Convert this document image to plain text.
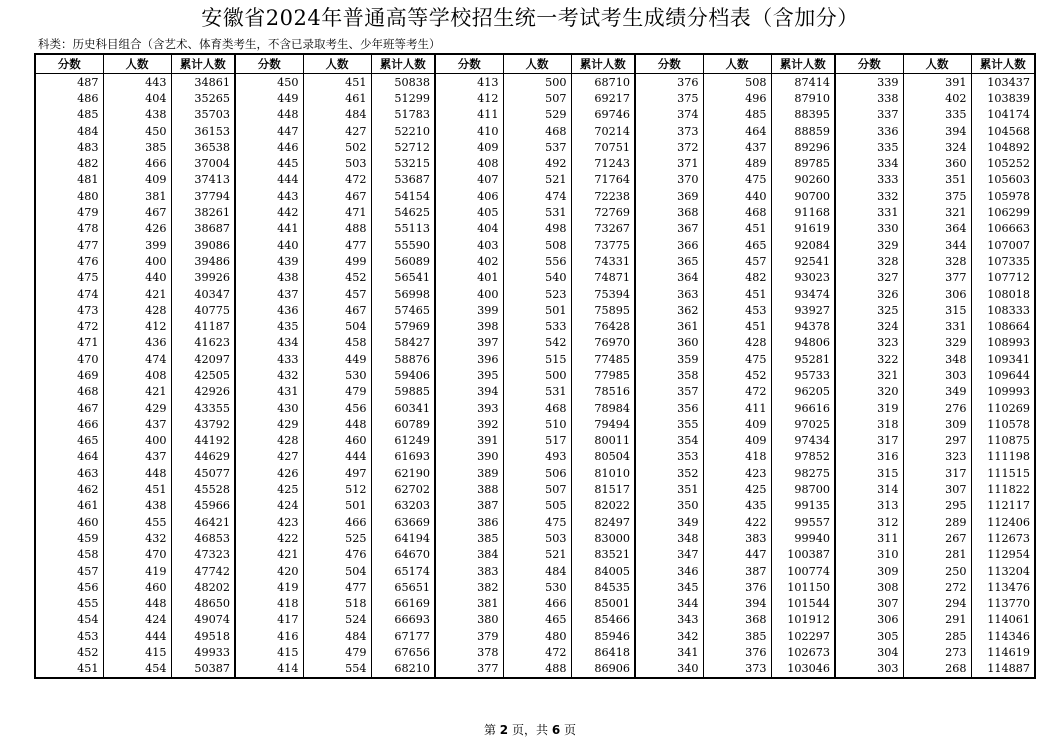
安徽省2024年普通高等学校招生统一考试考生成绩分档表（含加分）
科类：历史科目组合（含艺术、体育类考生，不含已录取考生、少年班等考生）
分数	人数	累计人数	分数	人数	累计人数	分数	人数	累计人数	分数	人数	累计人数	分数	人数	累计人数
487	443	34861	450	451	50838	413	500	68710	376	508	87414	339	391	103437
486	404	35265	449	461	51299	412	507	69217	375	496	87910	338	402	103839
485	438	35703	448	484	51783	411	529	69746	374	485	88395	337	335	104174
484	450	36153	447	427	52210	410	468	70214	373	464	88859	336	394	104568
483	385	36538	446	502	52712	409	537	70751	372	437	89296	335	324	104892
482	466	37004	445	503	53215	408	492	71243	371	489	89785	334	360	105252
481	409	37413	444	472	53687	407	521	71764	370	475	90260	333	351	105603
480	381	37794	443	467	54154	406	474	72238	369	440	90700	332	375	105978
479	467	38261	442	471	54625	405	531	72769	368	468	91168	331	321	106299
478	426	38687	441	488	55113	404	498	73267	367	451	91619	330	364	106663
477	399	39086	440	477	55590	403	508	73775	366	465	92084	329	344	107007
476	400	39486	439	499	56089	402	556	74331	365	457	92541	328	328	107335
475	440	39926	438	452	56541	401	540	74871	364	482	93023	327	377	107712
474	421	40347	437	457	56998	400	523	75394	363	451	93474	326	306	108018
473	428	40775	436	467	57465	399	501	75895	362	453	93927	325	315	108333
472	412	41187	435	504	57969	398	533	76428	361	451	94378	324	331	108664
471	436	41623	434	458	58427	397	542	76970	360	428	94806	323	329	108993
470	474	42097	433	449	58876	396	515	77485	359	475	95281	322	348	109341
469	408	42505	432	530	59406	395	500	77985	358	452	95733	321	303	109644
468	421	42926	431	479	59885	394	531	78516	357	472	96205	320	349	109993
467	429	43355	430	456	60341	393	468	78984	356	411	96616	319	276	110269
466	437	43792	429	448	60789	392	510	79494	355	409	97025	318	309	110578
465	400	44192	428	460	61249	391	517	80011	354	409	97434	317	297	110875
464	437	44629	427	444	61693	390	493	80504	353	418	97852	316	323	111198
463	448	45077	426	497	62190	389	506	81010	352	423	98275	315	317	111515
462	451	45528	425	512	62702	388	507	81517	351	425	98700	314	307	111822
461	438	45966	424	501	63203	387	505	82022	350	435	99135	313	295	112117
460	455	46421	423	466	63669	386	475	82497	349	422	99557	312	289	112406
459	432	46853	422	525	64194	385	503	83000	348	383	99940	311	267	112673
458	470	47323	421	476	64670	384	521	83521	347	447	100387	310	281	112954
457	419	47742	420	504	65174	383	484	84005	346	387	100774	309	250	113204
456	460	48202	419	477	65651	382	530	84535	345	376	101150	308	272	113476
455	448	48650	418	518	66169	381	466	85001	344	394	101544	307	294	113770
454	424	49074	417	524	66693	380	465	85466	343	368	101912	306	291	114061
453	444	49518	416	484	67177	379	480	85946	342	385	102297	305	285	114346
452	415	49933	415	479	67656	378	472	86418	341	376	102673	304	273	114619
451	454	50387	414	554	68210	377	488	86906	340	373	103046	303	268	114887
第 2 页，共 6 页
